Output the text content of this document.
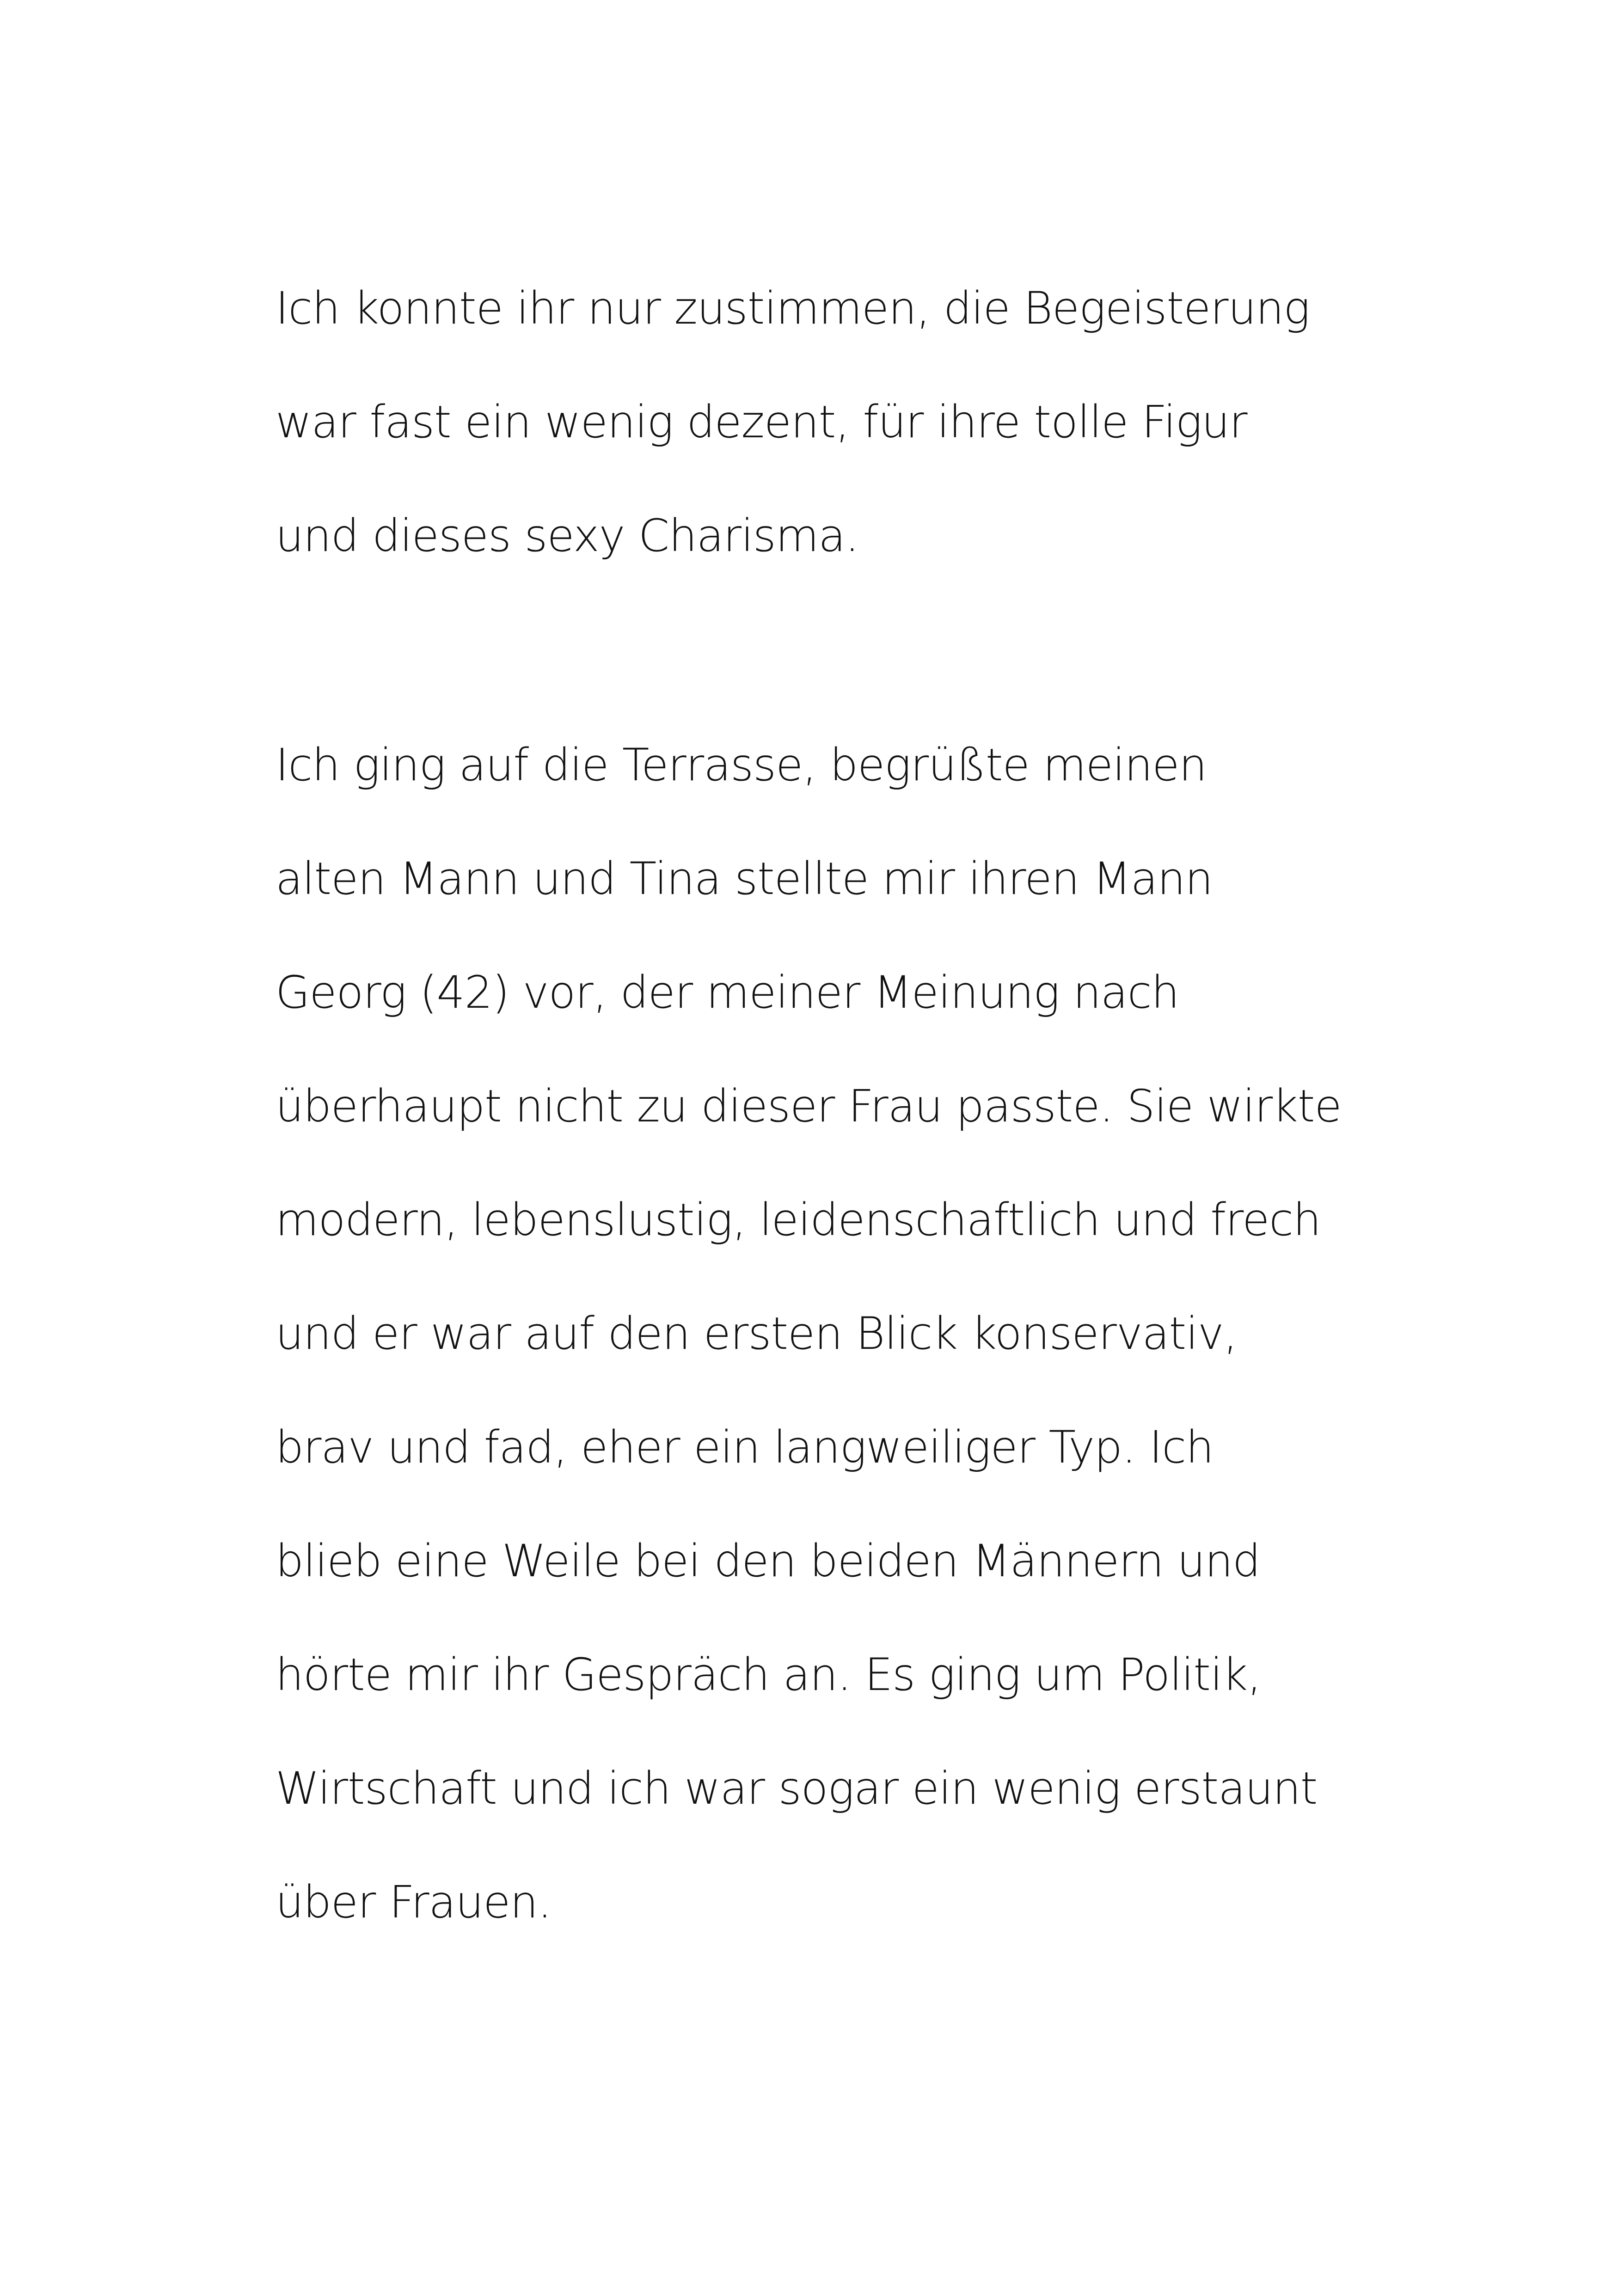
Ich konnte ihr nur zustimmen, die Begeisterung
war fast ein wenig dezent, für ihre tolle Figur
und dieses sexy Charisma.
Ich ging auf die Terrasse, begrüßte meinen
alten Mann und Tina stellte mir ihren Mann
Georg (42) vor, der meiner Meinung nach
überhaupt nicht zu dieser Frau passte. Sie wirkte
modern, lebenslustig, leidenschaftlich und frech
und er war auf den ersten Blick konservativ,
brav und fad, eher ein langweiliger Typ. Ich
blieb eine Weile bei den beiden Männern und
hörte mir ihr Gespräch an. Es ging um Politik,
Wirtschaft und ich war sogar ein wenig erstaunt
über Frauen.
